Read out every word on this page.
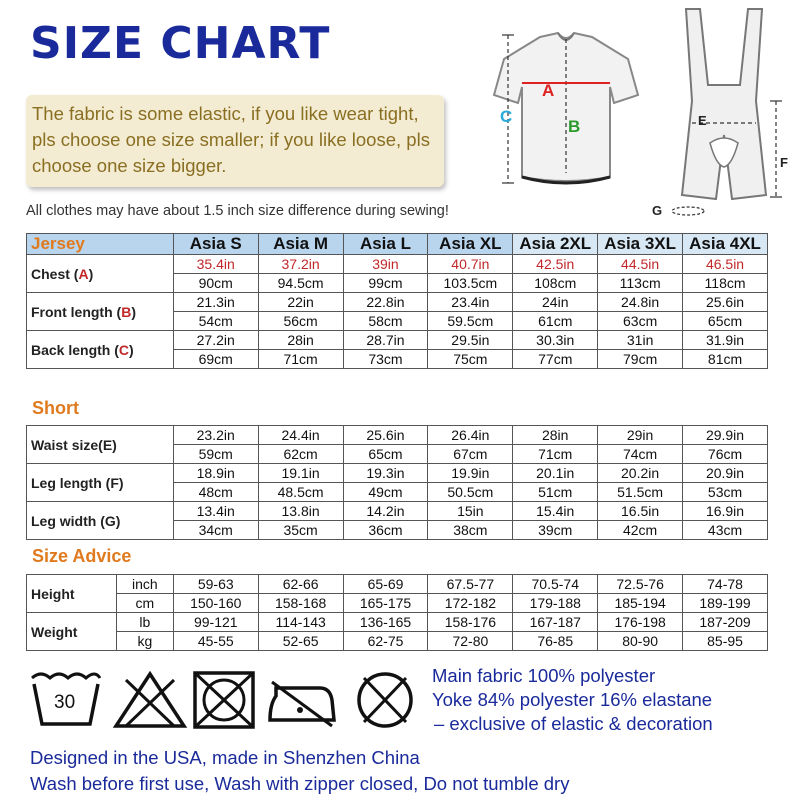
SIZE CHART
The fabric is some elastic, if you like wear tight, pls choose one size smaller; if you like loose, pls choose one size bigger.
All clothes may have about 1.5 inch size difference during sewing!
A
B
C	E
F
G
Jersey	Asia S	Asia M	Asia L	Asia XL	Asia 2XL	Asia 3XL	Asia 4XL
Chest (A)	35.4in	37.2in	39in	40.7in	42.5in	44.5in	46.5in
	90cm	94.5cm	99cm	103.5cm	108cm	113cm	118cm
Front length (B)	21.3in	22in	22.8in	23.4in	24in	24.8in	25.6in
	54cm	56cm	58cm	59.5cm	61cm	63cm	65cm
Back length (C)	27.2in	28in	28.7in	29.5in	30.3in	31in	31.9in
	69cm	71cm	73cm	75cm	77cm	79cm	81cm
Short
Waist size(E)	23.2in	24.4in	25.6in	26.4in	28in	29in	29.9in
	59cm	62cm	65cm	67cm	71cm	74cm	76cm
Leg length (F)	18.9in	19.1in	19.3in	19.9in	20.1in	20.2in	20.9in
	48cm	48.5cm	49cm	50.5cm	51cm	51.5cm	53cm
Leg width (G)	13.4in	13.8in	14.2in	15in	15.4in	16.5in	16.9in
	34cm	35cm	36cm	38cm	39cm	42cm	43cm
Size Advice
Height	inch	59-63	62-66	65-69	67.5-77	70.5-74	72.5-76	74-78
	cm	150-160	158-168	165-175	172-182	179-188	185-194	189-199
Weight	lb	99-121	114-143	136-165	158-176	167-187	176-198	187-209
	kg	45-55	52-65	62-75	72-80	76-85	80-90	85-95
30
Main fabric 100% polyester
Yoke 84% polyester 16% elastane
– exclusive of elastic & decoration
Designed in the USA, made in Shenzhen China
Wash before first use, Wash with zipper closed, Do not tumble dry
